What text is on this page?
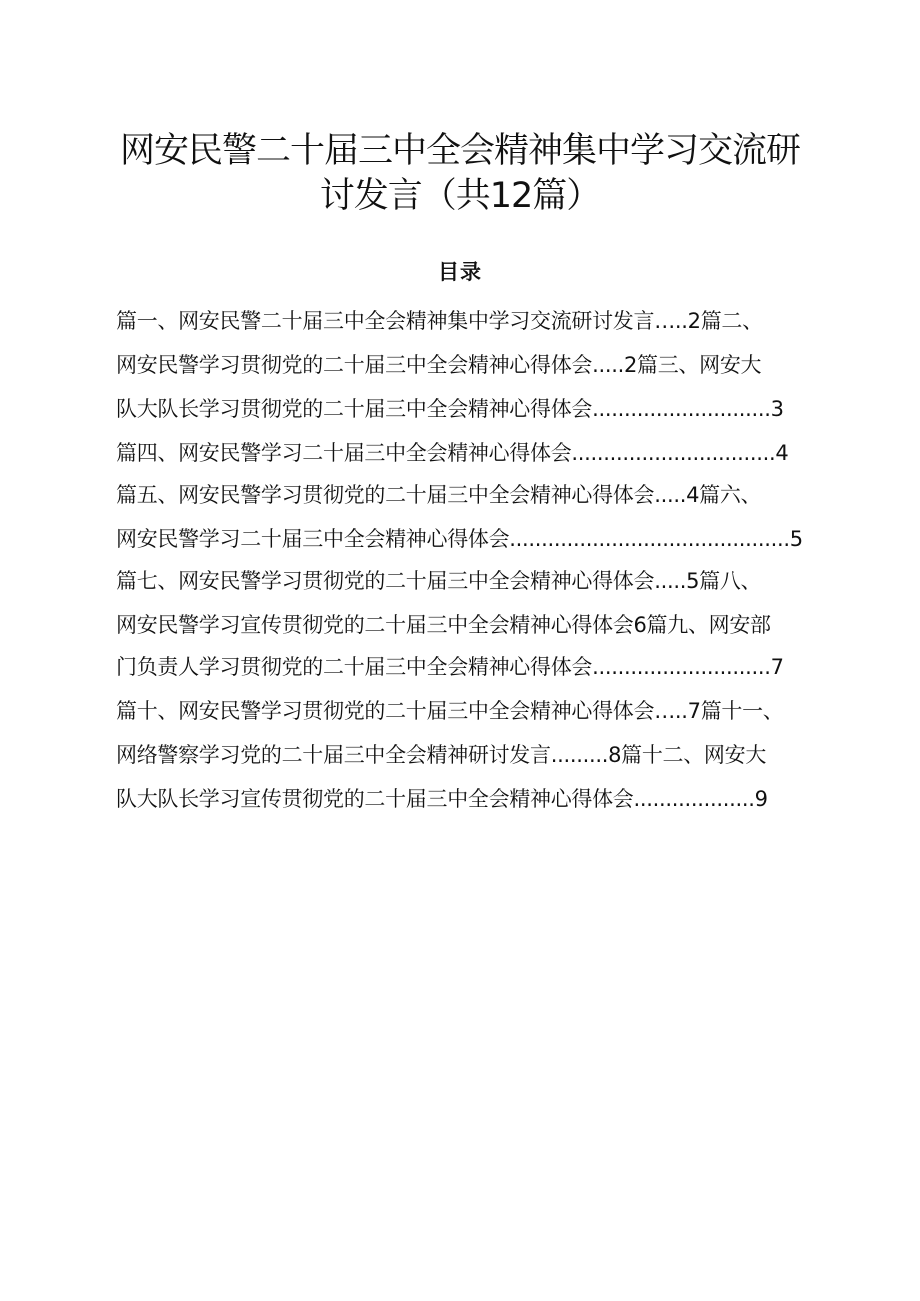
网安民警二十届三中全会精神集中学习交流研
讨发言（共12篇）
目录
篇一、网安民警二十届三中全会精神集中学习交流研讨发言…..2篇二、
网安民警学习贯彻党的二十届三中全会精神心得体会.....2篇三、网安大
队大队长学习贯彻党的二十届三中全会精神心得体会............................3
篇四、网安民警学习二十届三中全会精神心得体会................................4
篇五、网安民警学习贯彻党的二十届三中全会精神心得体会.....4篇六、
网安民警学习二十届三中全会精神心得体会............................................5
篇七、网安民警学习贯彻党的二十届三中全会精神心得体会.....5篇八、
网安民警学习宣传贯彻党的二十届三中全会精神心得体会6篇九、网安部
门负责人学习贯彻党的二十届三中全会精神心得体会............................7
篇十、网安民警学习贯彻党的二十届三中全会精神心得体会…..7篇十一、
网络警察学习党的二十届三中全会精神研讨发言.........8篇十二、网安大
队大队长学习宣传贯彻党的二十届三中全会精神心得体会...................9
